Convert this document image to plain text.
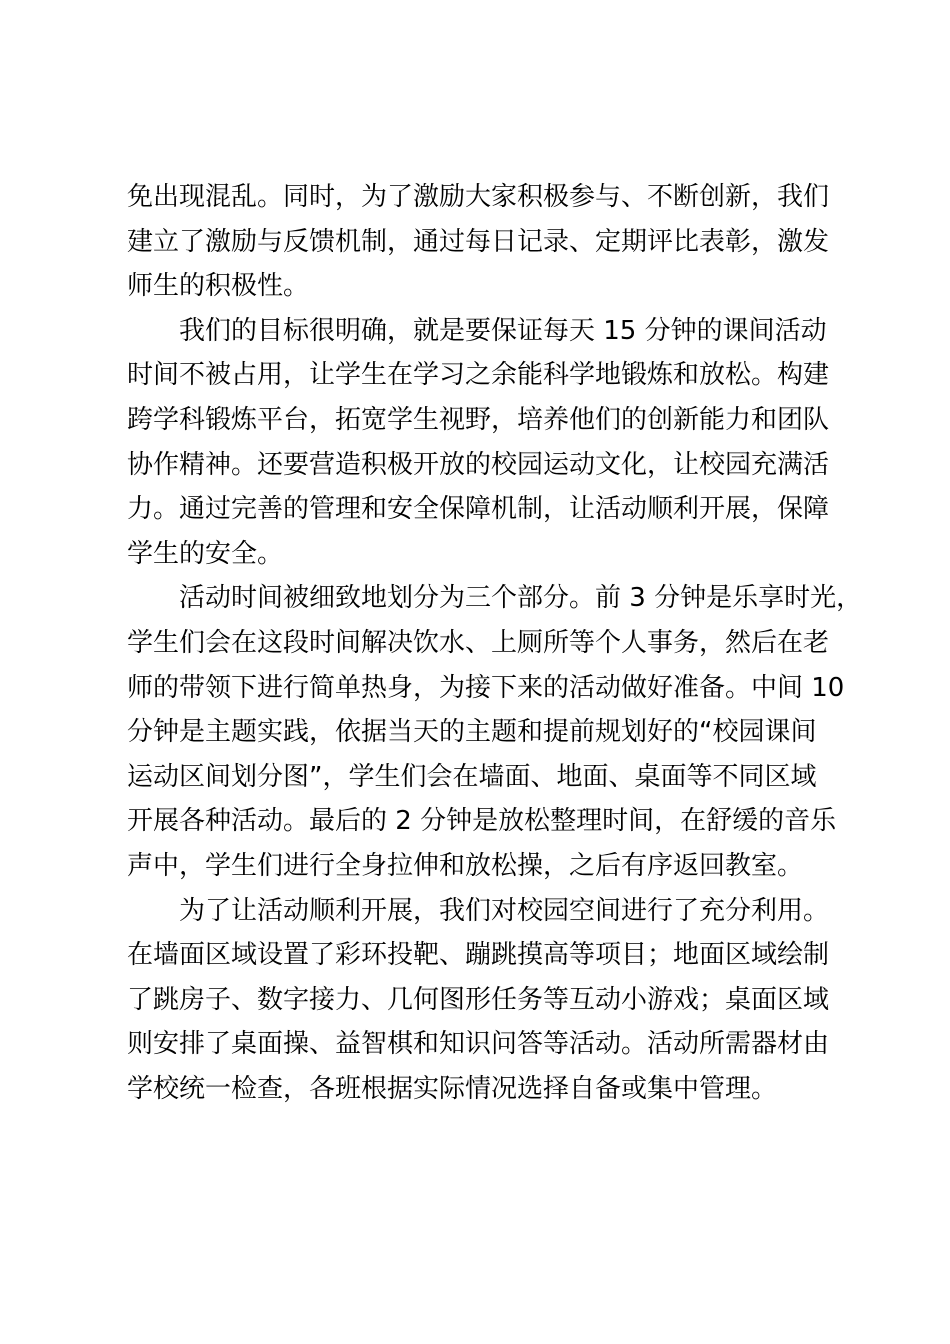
免出现混乱。同时，为了激励大家积极参与、不断创新，我们
建立了激励与反馈机制，通过每日记录、定期评比表彰，激发
师生的积极性。
我们的目标很明确，就是要保证每天 15 分钟的课间活动
时间不被占用，让学生在学习之余能科学地锻炼和放松。构建
跨学科锻炼平台，拓宽学生视野，培养他们的创新能力和团队
协作精神。还要营造积极开放的校园运动文化，让校园充满活
力。通过完善的管理和安全保障机制，让活动顺利开展，保障
学生的安全。
活动时间被细致地划分为三个部分。前 3 分钟是乐享时光，
学生们会在这段时间解决饮水、上厕所等个人事务，然后在老
师的带领下进行简单热身，为接下来的活动做好准备。中间 10
分钟是主题实践，依据当天的主题和提前规划好的“校园课间
运动区间划分图”，学生们会在墙面、地面、桌面等不同区域
开展各种活动。最后的 2 分钟是放松整理时间，在舒缓的音乐
声中，学生们进行全身拉伸和放松操，之后有序返回教室。
为了让活动顺利开展，我们对校园空间进行了充分利用。
在墙面区域设置了彩环投靶、蹦跳摸高等项目；地面区域绘制
了跳房子、数字接力、几何图形任务等互动小游戏；桌面区域
则安排了桌面操、益智棋和知识问答等活动。活动所需器材由
学校统一检查，各班根据实际情况选择自备或集中管理。
